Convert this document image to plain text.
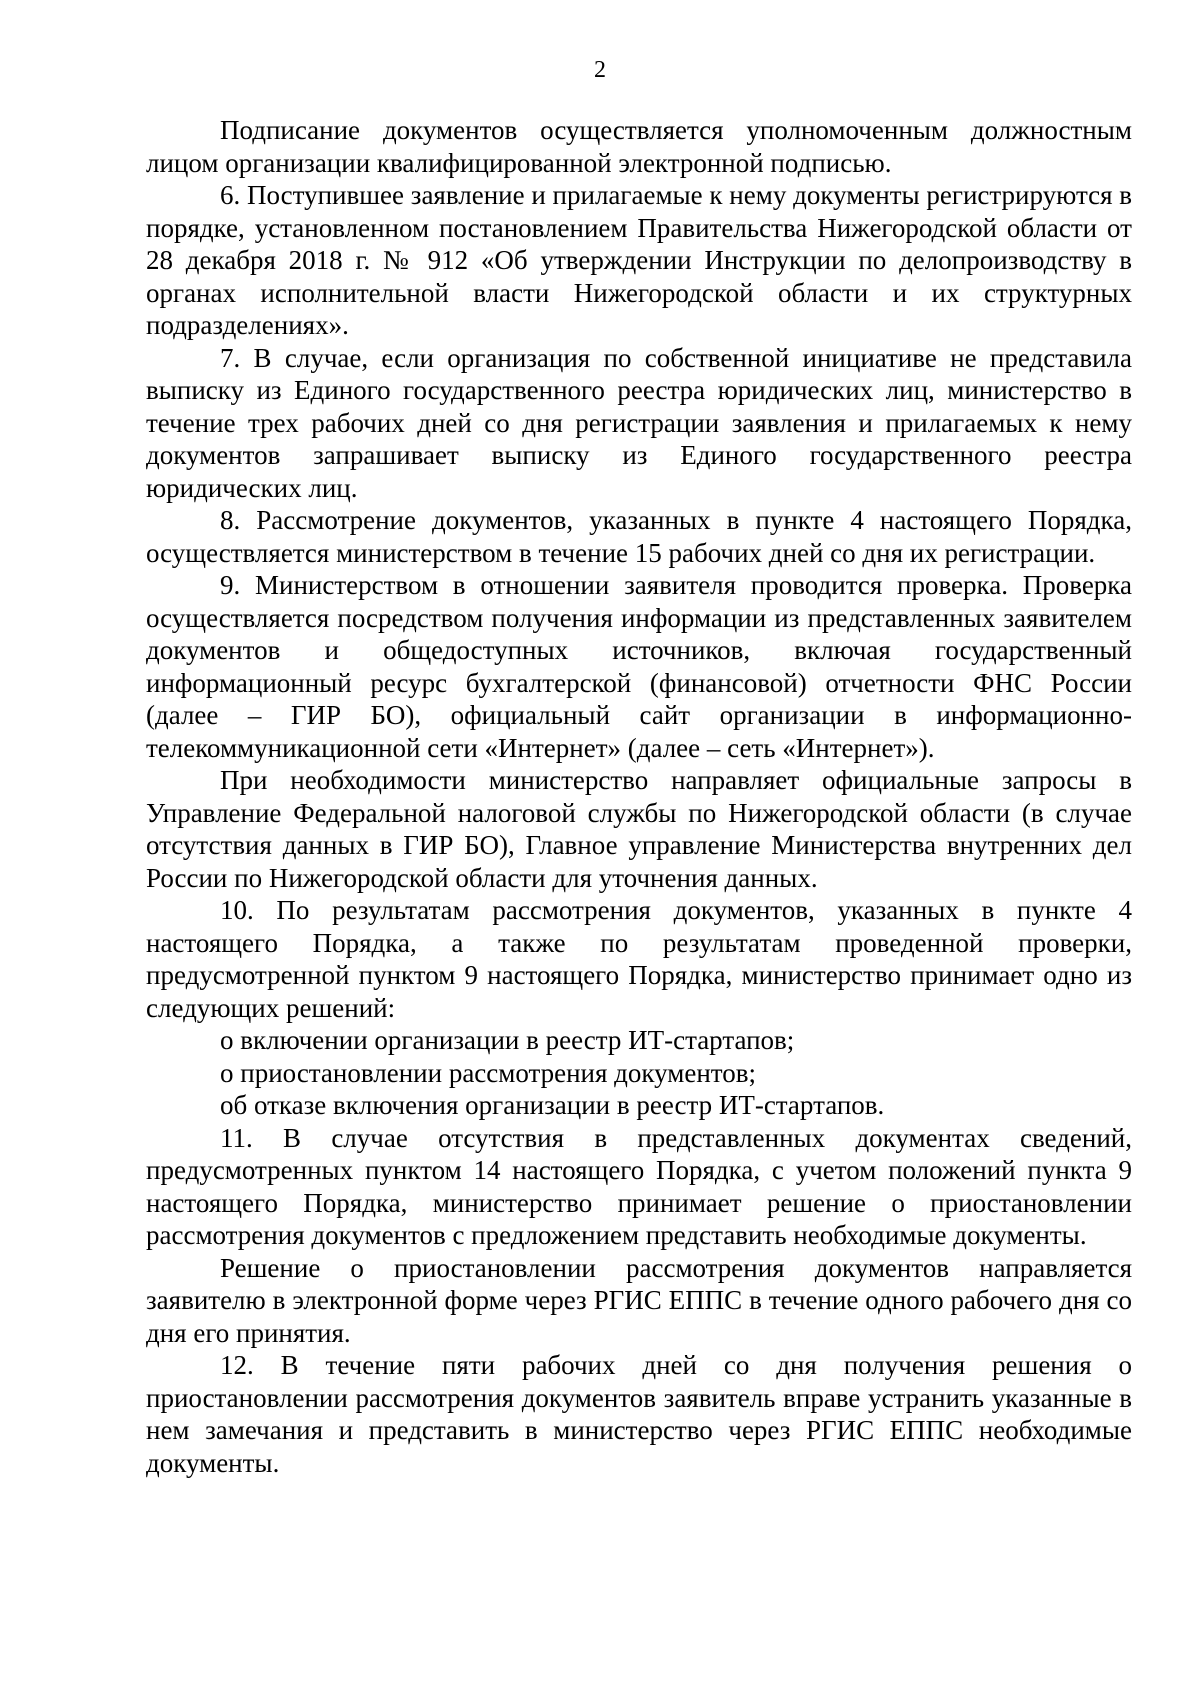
2

Подписание документов осуществляется уполномоченным должностным лицом организации квалифицированной электронной подписью.

6. Поступившее заявление и прилагаемые к нему документы регистрируются в порядке, установленном постановлением Правительства Нижегородской области от 28 декабря 2018 г. № 912 «Об утверждении Инструкции по делопроизводству в органах исполнительной власти Нижегородской области и их структурных подразделениях».

7. В случае, если организация по собственной инициативе не представила выписку из Единого государственного реестра юридических лиц, министерство в течение трех рабочих дней со дня регистрации заявления и прилагаемых к нему документов запрашивает выписку из Единого государственного реестра юридических лиц.

8. Рассмотрение документов, указанных в пункте 4 настоящего Порядка, осуществляется министерством в течение 15 рабочих дней со дня их регистрации.

9. Министерством в отношении заявителя проводится проверка. Проверка осуществляется посредством получения информации из представленных заявителем документов и общедоступных источников, включая государственный информационный ресурс бухгалтерской (финансовой) отчетности ФНС России (далее – ГИР БО), официальный сайт организации в информационно-телекоммуникационной сети «Интернет» (далее – сеть «Интернет»).

При необходимости министерство направляет официальные запросы в Управление Федеральной налоговой службы по Нижегородской области (в случае отсутствия данных в ГИР БО), Главное управление Министерства внутренних дел России по Нижегородской области для уточнения данных.

10. По результатам рассмотрения документов, указанных в пункте 4 настоящего Порядка, а также по результатам проведенной проверки, предусмотренной пунктом 9 настоящего Порядка, министерство принимает одно из следующих решений:

о включении организации в реестр ИТ-стартапов;

о приостановлении рассмотрения документов;

об отказе включения организации в реестр ИТ-стартапов.

11. В случае отсутствия в представленных документах сведений, предусмотренных пунктом 14 настоящего Порядка, с учетом положений пункта 9 настоящего Порядка, министерство принимает решение о приостановлении рассмотрения документов с предложением представить необходимые документы.

Решение о приостановлении рассмотрения документов направляется заявителю в электронной форме через РГИС ЕППС в течение одного рабочего дня со дня его принятия.

12. В течение пяти рабочих дней со дня получения решения о приостановлении рассмотрения документов заявитель вправе устранить указанные в нем замечания и представить в министерство через РГИС ЕППС необходимые документы.
